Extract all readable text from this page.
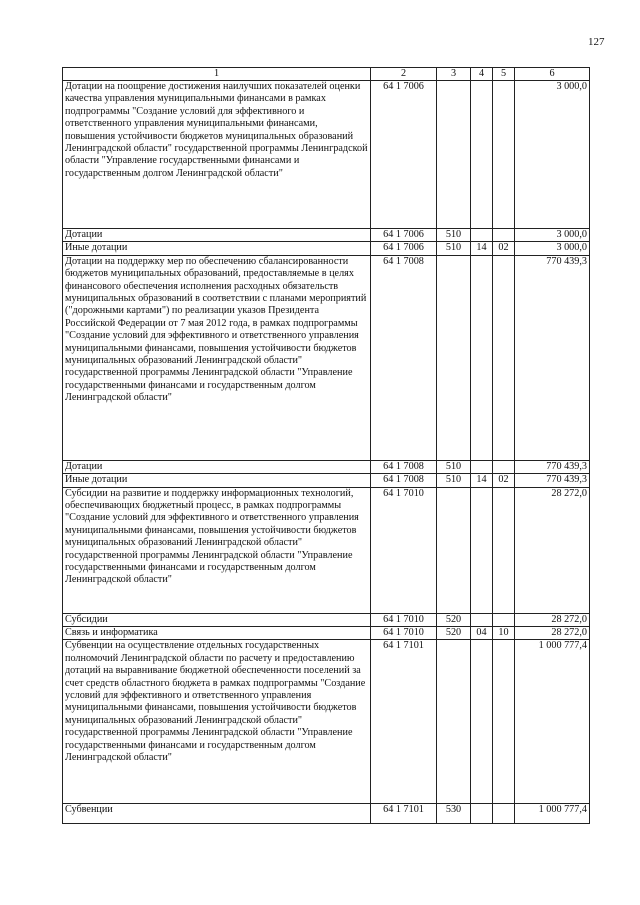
127
1	2	3	4	5	6
Дотации на поощрение достижения наилучших показателей оценки качества управления муниципальными финансами в рамках подпрограммы "Создание условий для эффективного и ответственного управления муниципальными финансами, повышения устойчивости бюджетов муниципальных образований Ленинградской области" государственной программы Ленинградской области "Управление государственными финансами и государственным долгом Ленинградской области"	64 1 7006				3 000,0
Дотации	64 1 7006	510			3 000,0
Иные дотации	64 1 7006	510	14	02	3 000,0
Дотации на поддержку мер по обеспечению сбалансированности бюджетов муниципальных образований, предоставляемые в целях финансового обеспечения исполнения расходных обязательств муниципальных образований в соответствии с планами мероприятий ("дорожными картами") по реализации указов Президента Российской Федерации от 7 мая 2012 года, в рамках подпрограммы "Создание условий для эффективного и ответственного управления муниципальными финансами, повышения устойчивости бюджетов муниципальных образований Ленинградской области" государственной программы Ленинградской области "Управление государственными финансами и государственным долгом Ленинградской области"	64 1 7008				770 439,3
Дотации	64 1 7008	510			770 439,3
Иные дотации	64 1 7008	510	14	02	770 439,3
Субсидии на развитие и поддержку информационных технологий, обеспечивающих бюджетный процесс, в рамках подпрограммы "Создание условий для эффективного и ответственного управления муниципальными финансами, повышения устойчивости бюджетов муниципальных образований Ленинградской области" государственной программы Ленинградской области "Управление государственными финансами и государственным долгом Ленинградской области"	64 1 7010				28 272,0
Субсидии	64 1 7010	520			28 272,0
Связь и информатика	64 1 7010	520	04	10	28 272,0
Субвенции на осуществление отдельных государственных полномочий Ленинградской области по расчету и предоставлению дотаций на выравнивание бюджетной обеспеченности поселений за счет средств областного бюджета в рамках подпрограммы "Создание условий для эффективного и ответственного управления муниципальными финансами, повышения устойчивости бюджетов муниципальных образований Ленинградской области" государственной программы Ленинградской области "Управление государственными финансами и государственным долгом Ленинградской области"	64 1 7101				1 000 777,4
Субвенции	64 1 7101	530			1 000 777,4
